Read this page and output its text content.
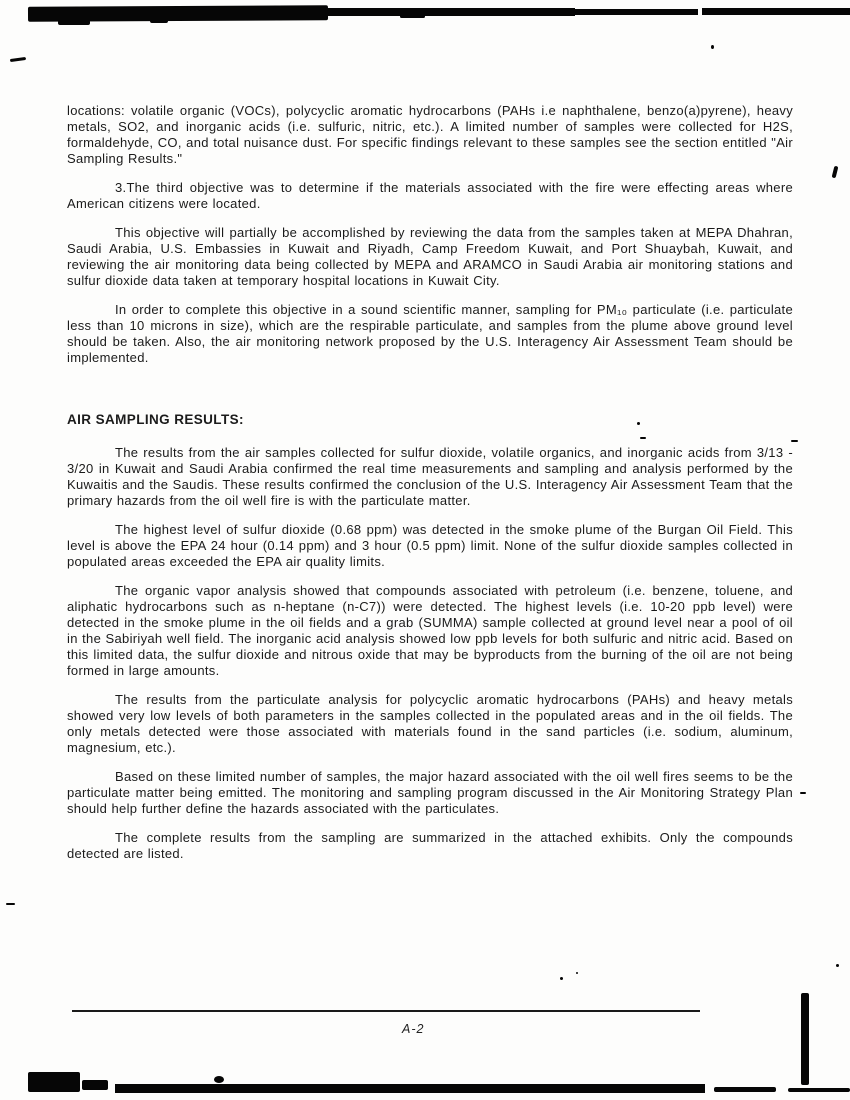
locations: volatile organic (VOCs), polycyclic aromatic hydrocarbons (PAHs i.e naphthalene, benzo(a)pyrene), heavy metals, SO2, and inorganic acids (i.e. sulfuric, nitric, etc.). A limited number of samples were collected for H2S, formaldehyde, CO, and total nuisance dust. For specific findings relevant to these samples see the section entitled "Air Sampling Results."

3.The third objective was to determine if the materials associated with the fire were effecting areas where American citizens were located.

This objective will partially be accomplished by reviewing the data from the samples taken at MEPA Dhahran, Saudi Arabia, U.S. Embassies in Kuwait and Riyadh, Camp Freedom Kuwait, and Port Shuaybah, Kuwait, and reviewing the air monitoring data being collected by MEPA and ARAMCO in Saudi Arabia air monitoring stations and sulfur dioxide data taken at temporary hospital locations in Kuwait City.

In order to complete this objective in a sound scientific manner, sampling for PM₁₀ particulate (i.e. particulate less than 10 microns in size), which are the respirable particulate, and samples from the plume above ground level should be taken. Also, the air monitoring network proposed by the U.S. Interagency Air Assessment Team should be implemented.

AIR SAMPLING RESULTS:

The results from the air samples collected for sulfur dioxide, volatile organics, and inorganic acids from 3/13 - 3/20 in Kuwait and Saudi Arabia confirmed the real time measurements and sampling and analysis performed by the Kuwaitis and the Saudis. These results confirmed the conclusion of the U.S. Interagency Air Assessment Team that the primary hazards from the oil well fire is with the particulate matter.

The highest level of sulfur dioxide (0.68 ppm) was detected in the smoke plume of the Burgan Oil Field. This level is above the EPA 24 hour (0.14 ppm) and 3 hour (0.5 ppm) limit. None of the sulfur dioxide samples collected in populated areas exceeded the EPA air quality limits.

The organic vapor analysis showed that compounds associated with petroleum (i.e. benzene, toluene, and aliphatic hydrocarbons such as n-heptane (n-C7)) were detected. The highest levels (i.e. 10-20 ppb level) were detected in the smoke plume in the oil fields and a grab (SUMMA) sample collected at ground level near a pool of oil in the Sabiriyah well field. The inorganic acid analysis showed low ppb levels for both sulfuric and nitric acid. Based on this limited data, the sulfur dioxide and nitrous oxide that may be byproducts from the burning of the oil are not being formed in large amounts.

The results from the particulate analysis for polycyclic aromatic hydrocarbons (PAHs) and heavy metals showed very low levels of both parameters in the samples collected in the populated areas and in the oil fields. The only metals detected were those associated with materials found in the sand particles (i.e. sodium, aluminum, magnesium, etc.).

Based on these limited number of samples, the major hazard associated with the oil well fires seems to be the particulate matter being emitted. The monitoring and sampling program discussed in the Air Monitoring Strategy Plan should help further define the hazards associated with the particulates.

The complete results from the sampling are summarized in the attached exhibits. Only the compounds detected are listed.

A-2
